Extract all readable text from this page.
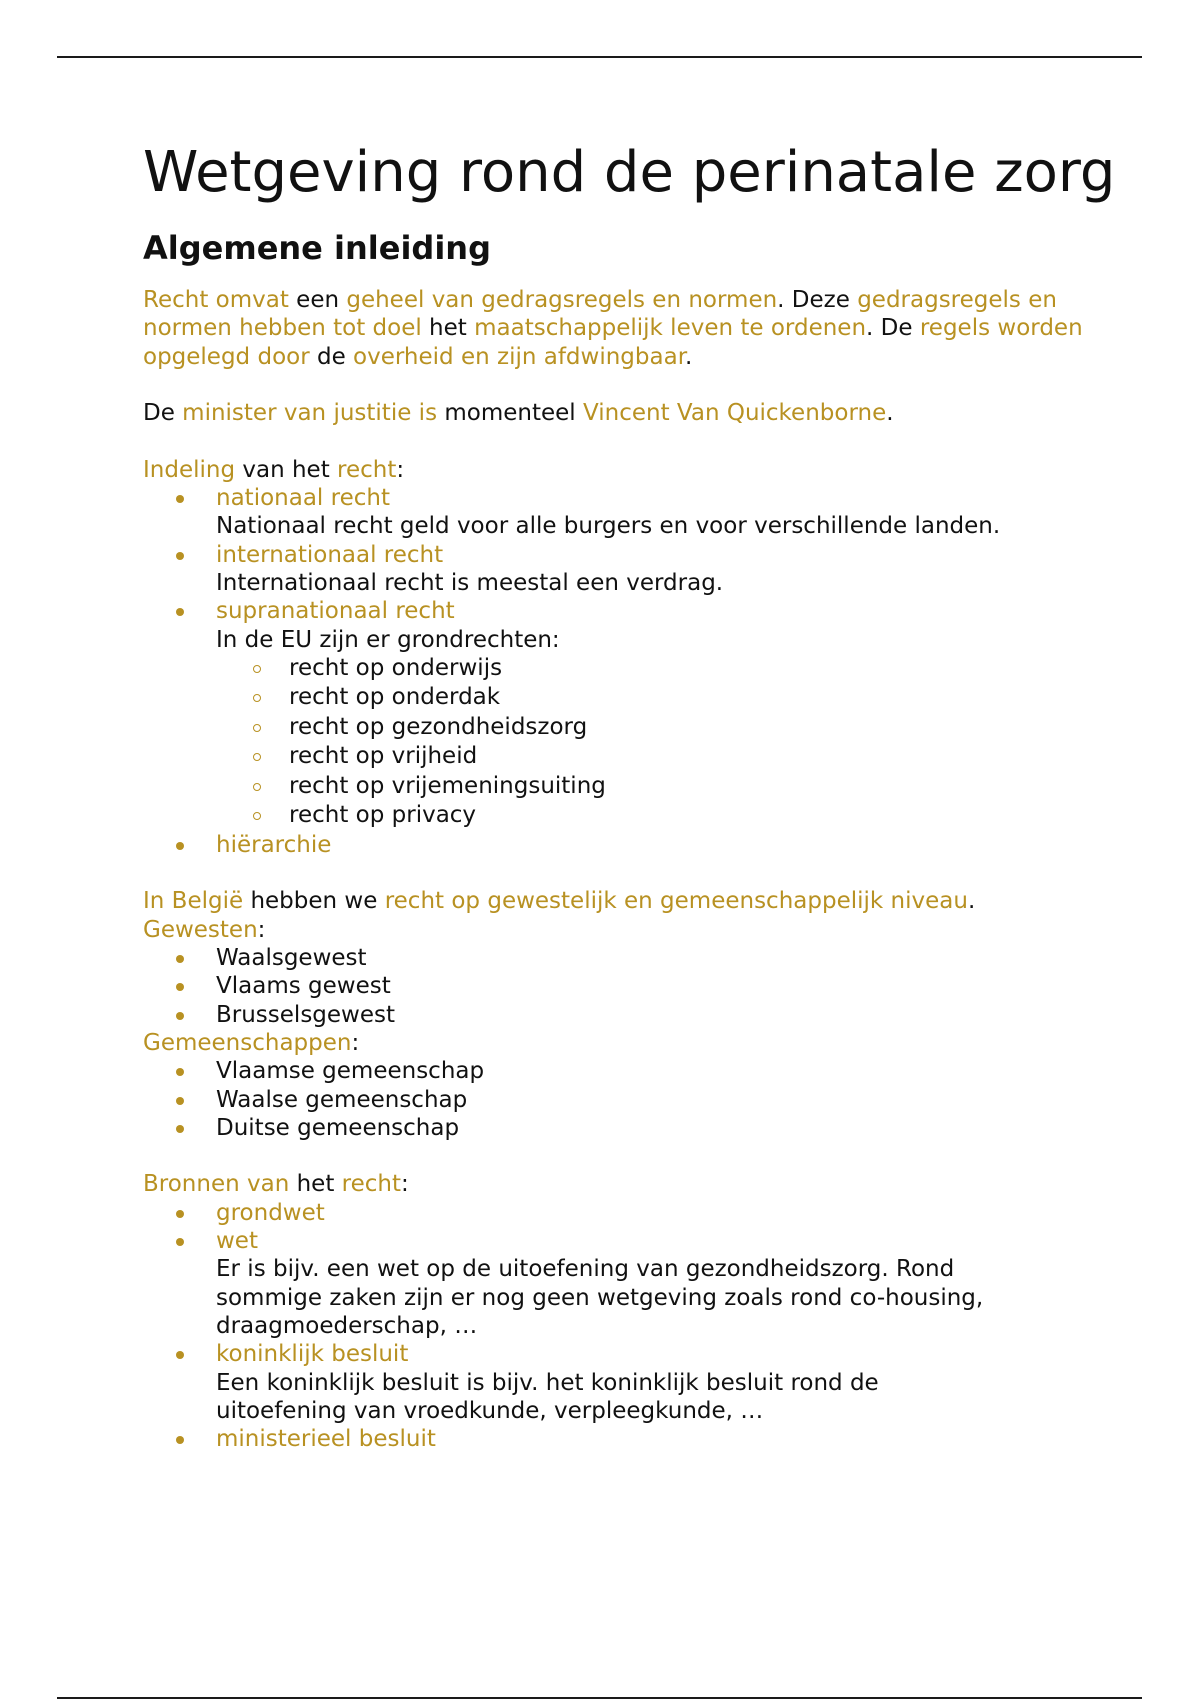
Wetgeving rond de perinatale zorg
Algemene inleiding

Recht omvat een geheel van gedragsregels en normen. Deze gedragsregels en normen hebben tot doel het maatschappelijk leven te ordenen. De regels worden opgelegd door de overheid en zijn afdwingbaar.

De minister van justitie is momenteel Vincent Van Quickenborne.

Indeling van het recht:

nationaal recht
Nationaal recht geld voor alle burgers en voor verschillende landen.
internationaal recht
Internationaal recht is meestal een verdrag.
supranationaal recht
In de EU zijn er grondrechten:
recht op onderwijs
recht op onderdak
recht op gezondheidszorg
recht op vrijheid
recht op vrijemeningsuiting
recht op privacy
hiërarchie

In België hebben we recht op gewestelijk en gemeenschappelijk niveau.

Gewesten:

Waalsgewest
Vlaams gewest
Brusselsgewest

Gemeenschappen:

Vlaamse gemeenschap
Waalse gemeenschap
Duitse gemeenschap

Bronnen van het recht:

grondwet
wet
Er is bijv. een wet op de uitoefening van gezondheidszorg. Rond sommige zaken zijn er nog geen wetgeving zoals rond co-housing, draagmoederschap, …
koninklijk besluit
Een koninklijk besluit is bijv. het koninklijk besluit rond de uitoefening van vroedkunde, verpleegkunde, …
ministerieel besluit
